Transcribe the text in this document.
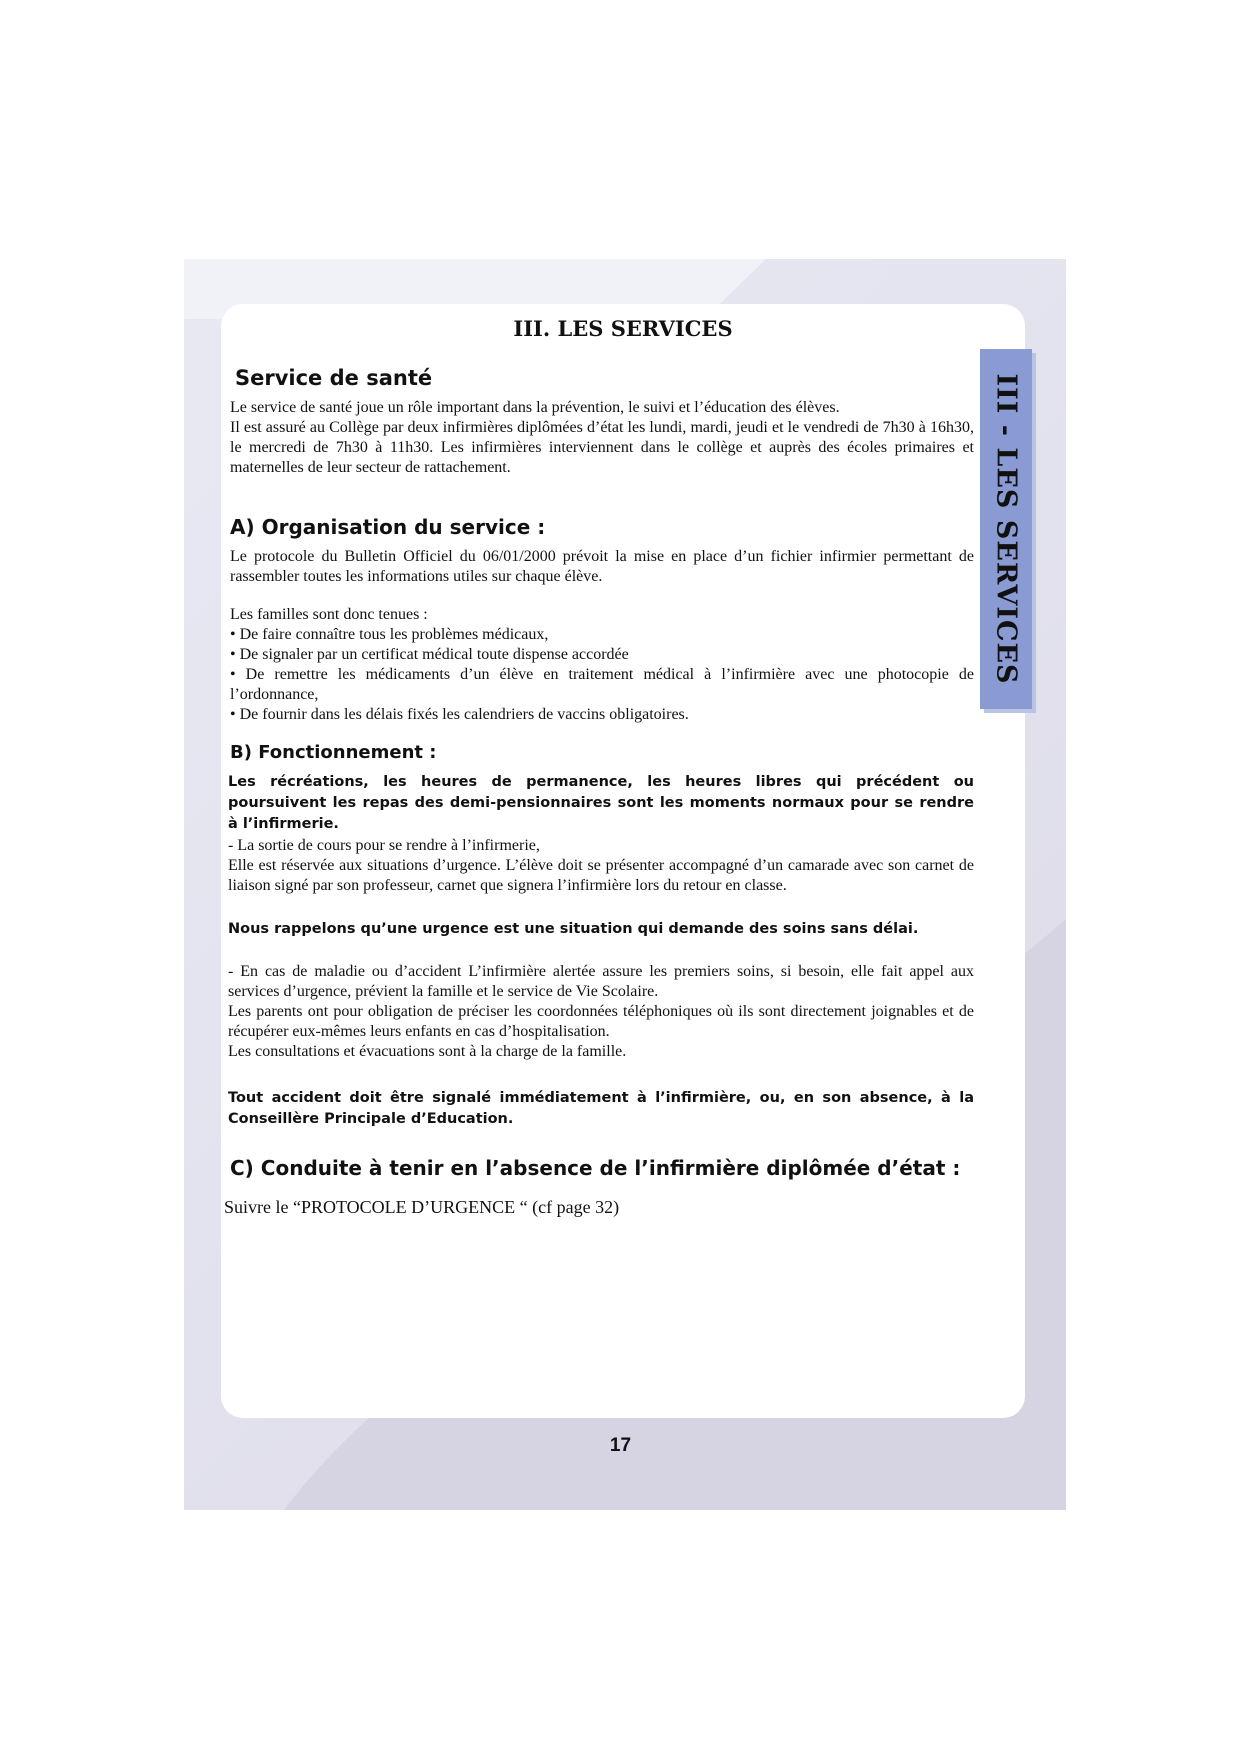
III - LES SERVICES
III. LES SERVICES
Service de santé

Le service de santé joue un rôle important dans la prévention, le suivi et l’éducation des élèves.
Il est assuré au Collège par deux infirmières diplômées d’état les lundi, mardi, jeudi et le vendredi de 7h30 à 16h30, le mercredi de 7h30 à 11h30. Les infirmières interviennent dans le collège et auprès des écoles primaires et maternelles de leur secteur de rattachement.

A) Organisation du service :

Le protocole du Bulletin Officiel du 06/01/2000 prévoit la mise en place d’un fichier infirmier permettant de rassembler toutes les informations utiles sur chaque élève.

Les familles sont donc tenues :
• De faire connaître tous les problèmes médicaux,
• De signaler par un certificat médical toute dispense accordée
• De remettre les médicaments d’un élève en traitement médical à l’infirmière avec une photocopie de l’ordonnance,
• De fournir dans les délais fixés les calendriers de vaccins obligatoires.

B) Fonctionnement :

Les récréations, les heures de permanence, les heures libres qui précédent ou poursuivent les repas des demi-pensionnaires sont les moments normaux pour se rendre à l’infirmerie.

- La sortie de cours pour se rendre à l’infirmerie,
Elle est réservée aux situations d’urgence. L’élève doit se présenter accompagné d’un camarade avec son carnet de liaison signé par son professeur, carnet que signera l’infirmière lors du retour en classe.

Nous rappelons qu’une urgence est une situation qui demande des soins sans délai.

- En cas de maladie ou d’accident L’infirmière alertée assure les premiers soins, si besoin, elle fait appel aux services d’urgence, prévient la famille et le service de Vie Scolaire.
Les parents ont pour obligation de préciser les coordonnées téléphoniques où ils sont directement joignables et de récupérer eux-mêmes leurs enfants en cas d’hospitalisation.
Les consultations et évacuations sont à la charge de la famille.

Tout accident doit être signalé immédiatement à l’infirmière, ou, en son absence, à la Conseillère Principale d’Education.

C) Conduite à tenir en l’absence de l’infirmière diplômée d’état :
Suivre le “PROTOCOLE D’URGENCE “ (cf page 32)
17
